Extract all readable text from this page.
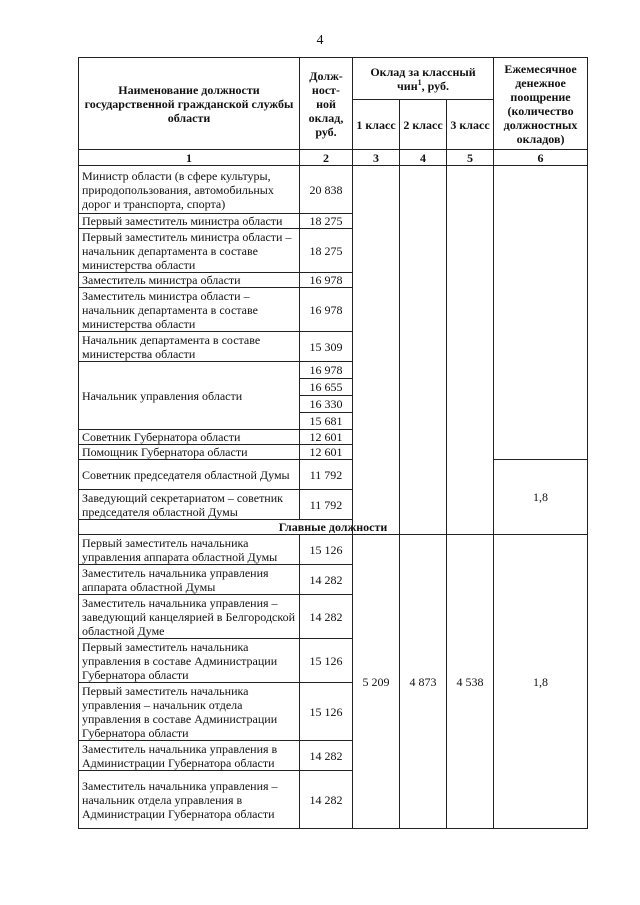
4
Наименование должности государственной гражданской службы области	Долж-ност-ной оклад, руб.	Оклад за классный чин$^1$, руб.			Ежемесячное денежное поощрение (количество должностных окладов)
		1 класс	2 класс	3 класс	
1	2	3	4	5	6
Министр области (в сфере культуры, природопользования, автомобильных дорог и транспорта, спорта)	20 838				
Первый заместитель министра области	18 275				
Первый заместитель министра области – начальник департамента в составе министерства области	18 275				
Заместитель министра области	16 978				
Заместитель министра области – начальник департамента в составе министерства области	16 978				
Начальник департамента в составе министерства области	15 309				
Начальник управления области	16 978				
	16 655				
	16 330				
	15 681				
Советник Губернатора области	12 601				
Помощник Губернатора области	12 601				
Советник председателя областной Думы	11 792				1,8
Заведующий секретариатом – советник председателя областной Думы	11 792				
Главные должности					
Первый заместитель начальника управления аппарата областной Думы	15 126	5 209	4 873	4 538	1,8
Заместитель начальника управления аппарата областной Думы	14 282				
Заместитель начальника управления – заведующий канцелярией в Белгородской областной Думе	14 282				
Первый заместитель начальника управления в составе Администрации Губернатора области	15 126				
Первый заместитель начальника управления – начальник отдела управления в составе Администрации Губернатора области	15 126				
Заместитель начальника управления в Администрации Губернатора области	14 282				
Заместитель начальника управления – начальник отдела управления в Администрации Губернатора области	14 282				
